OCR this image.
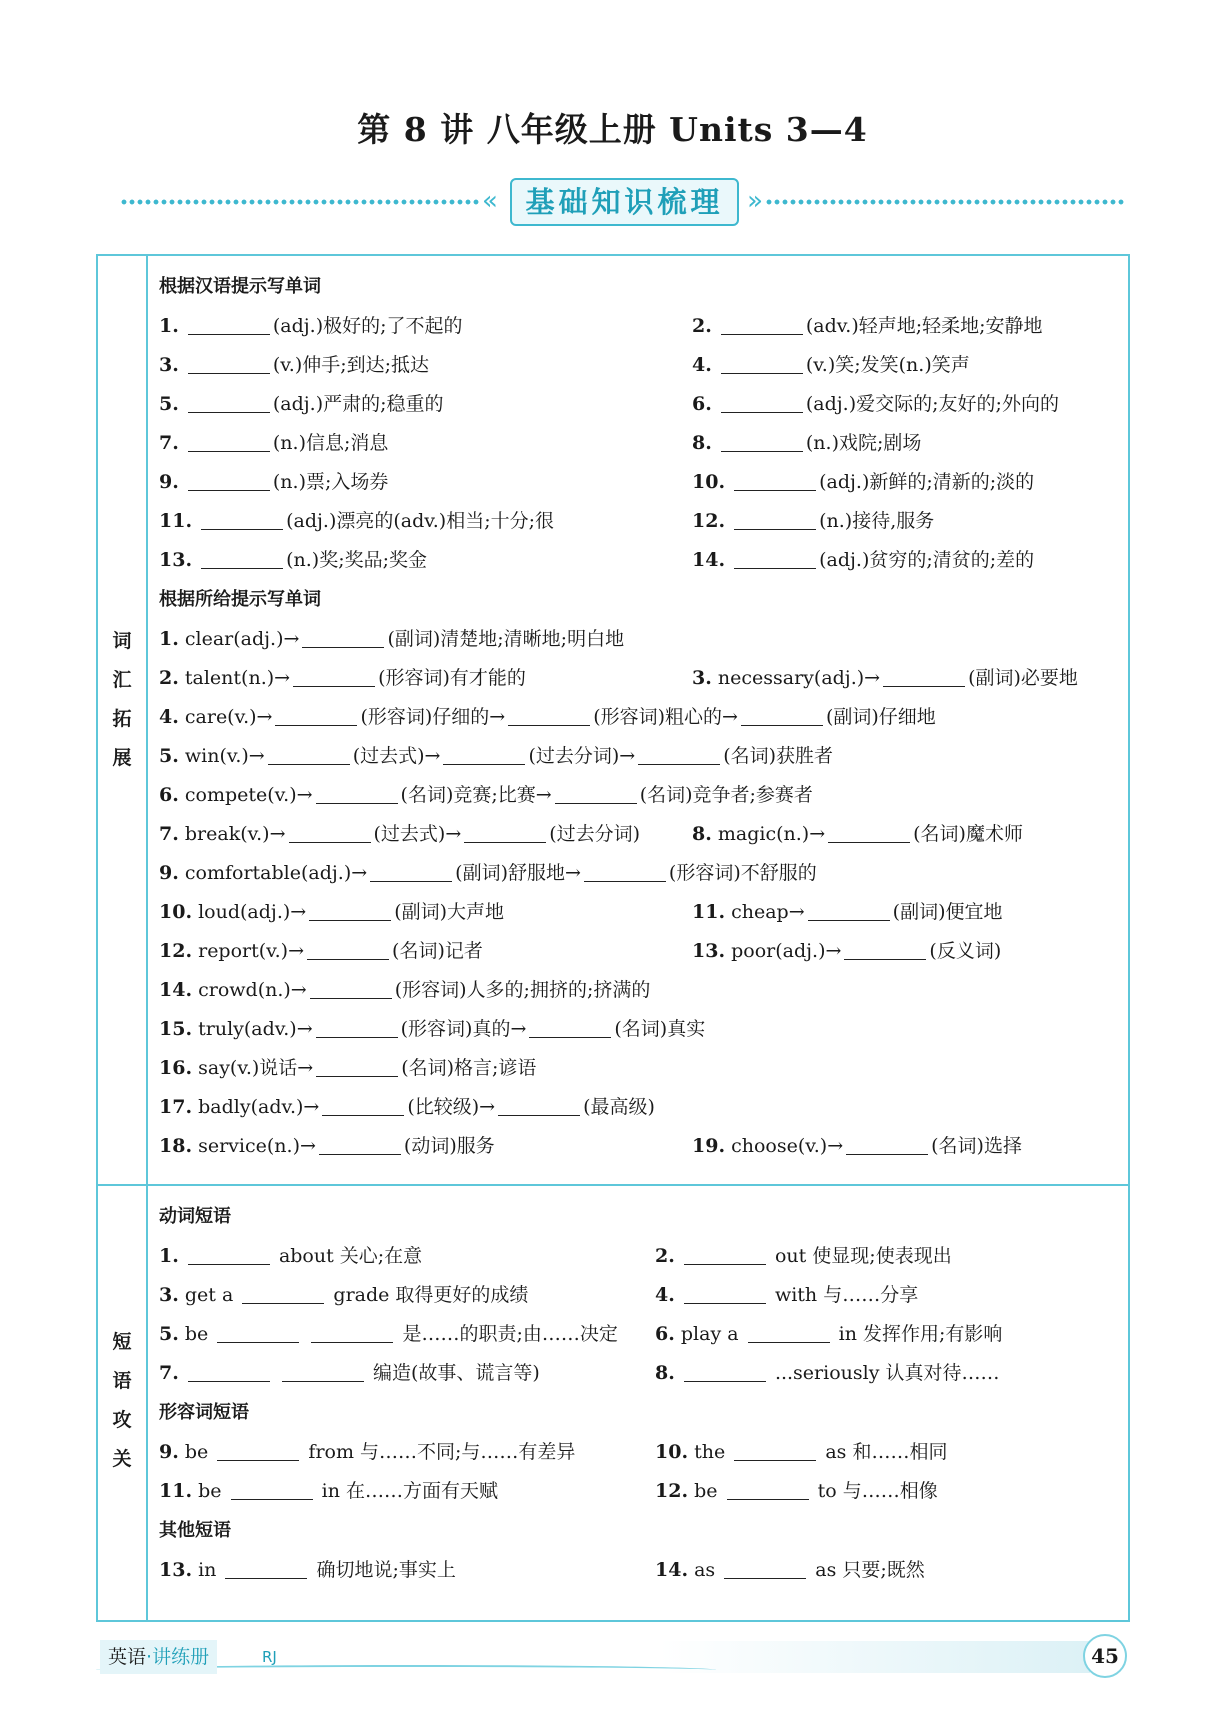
第 8 讲 八年级上册 Units 3—4
« 基础知识梳理 »
词
汇
拓
展
短
语
攻
关
根据汉语提示写单词
1.	(adj.)极好的;了不起的	2.	(adv.)轻声地;轻柔地;安静地
3.	(v.)伸手;到达;抵达	4.	(v.)笑;发笑(n.)笑声
5.	(adj.)严肃的;稳重的	6.	(adj.)爱交际的;友好的;外向的
7.	(n.)信息;消息	8.	(n.)戏院;剧场
9.	(n.)票;入场券	10.	(adj.)新鲜的;清新的;淡的
11.	(adj.)漂亮的(adv.)相当;十分;很	12.	(n.)接待,服务
13.	(n.)奖;奖品;奖金	14.	(adj.)贫穷的;清贫的;差的
根据所给提示写单词
1. clear(adj.)→	(副词)清楚地;清晰地;明白地
2. talent(n.)→	(形容词)有才能的	3. necessary(adj.)→	(副词)必要地
4. care(v.)→	(形容词)仔细的→	(形容词)粗心的→	(副词)仔细地
5. win(v.)→	(过去式)→	(过去分词)→	(名词)获胜者
6. compete(v.)→	(名词)竞赛;比赛→	(名词)竞争者;参赛者
7. break(v.)→	(过去式)→	(过去分词)	8. magic(n.)→	(名词)魔术师
9. comfortable(adj.)→	(副词)舒服地→	(形容词)不舒服的
10. loud(adj.)→	(副词)大声地	11. cheap→	(副词)便宜地
12. report(v.)→	(名词)记者	13. poor(adj.)→	(反义词)
14. crowd(n.)→	(形容词)人多的;拥挤的;挤满的
15. truly(adv.)→	(形容词)真的→	(名词)真实
16. say(v.)说话→	(名词)格言;谚语
17. badly(adv.)→	(比较级)→	(最高级)
18. service(n.)→	(动词)服务	19. choose(v.)→	(名词)选择
动词短语
1.	about 关心;在意	2.	out 使显现;使表现出
3. get a	grade 取得更好的成绩	4.	with 与……分享
5. be	是……的职责;由……决定 6. play a	in 发挥作用;有影响
7.	编造(故事、谎言等)	8.	...seriously 认真对待……
形容词短语
9. be	from 与……不同;与……有差异	10. the	as 和……相同
11. be	in 在……方面有天赋	12. be	to 与……相像
其他短语
13. in	确切地说;事实上	14. as	as 只要;既然
英语·讲练册	RJ	45
